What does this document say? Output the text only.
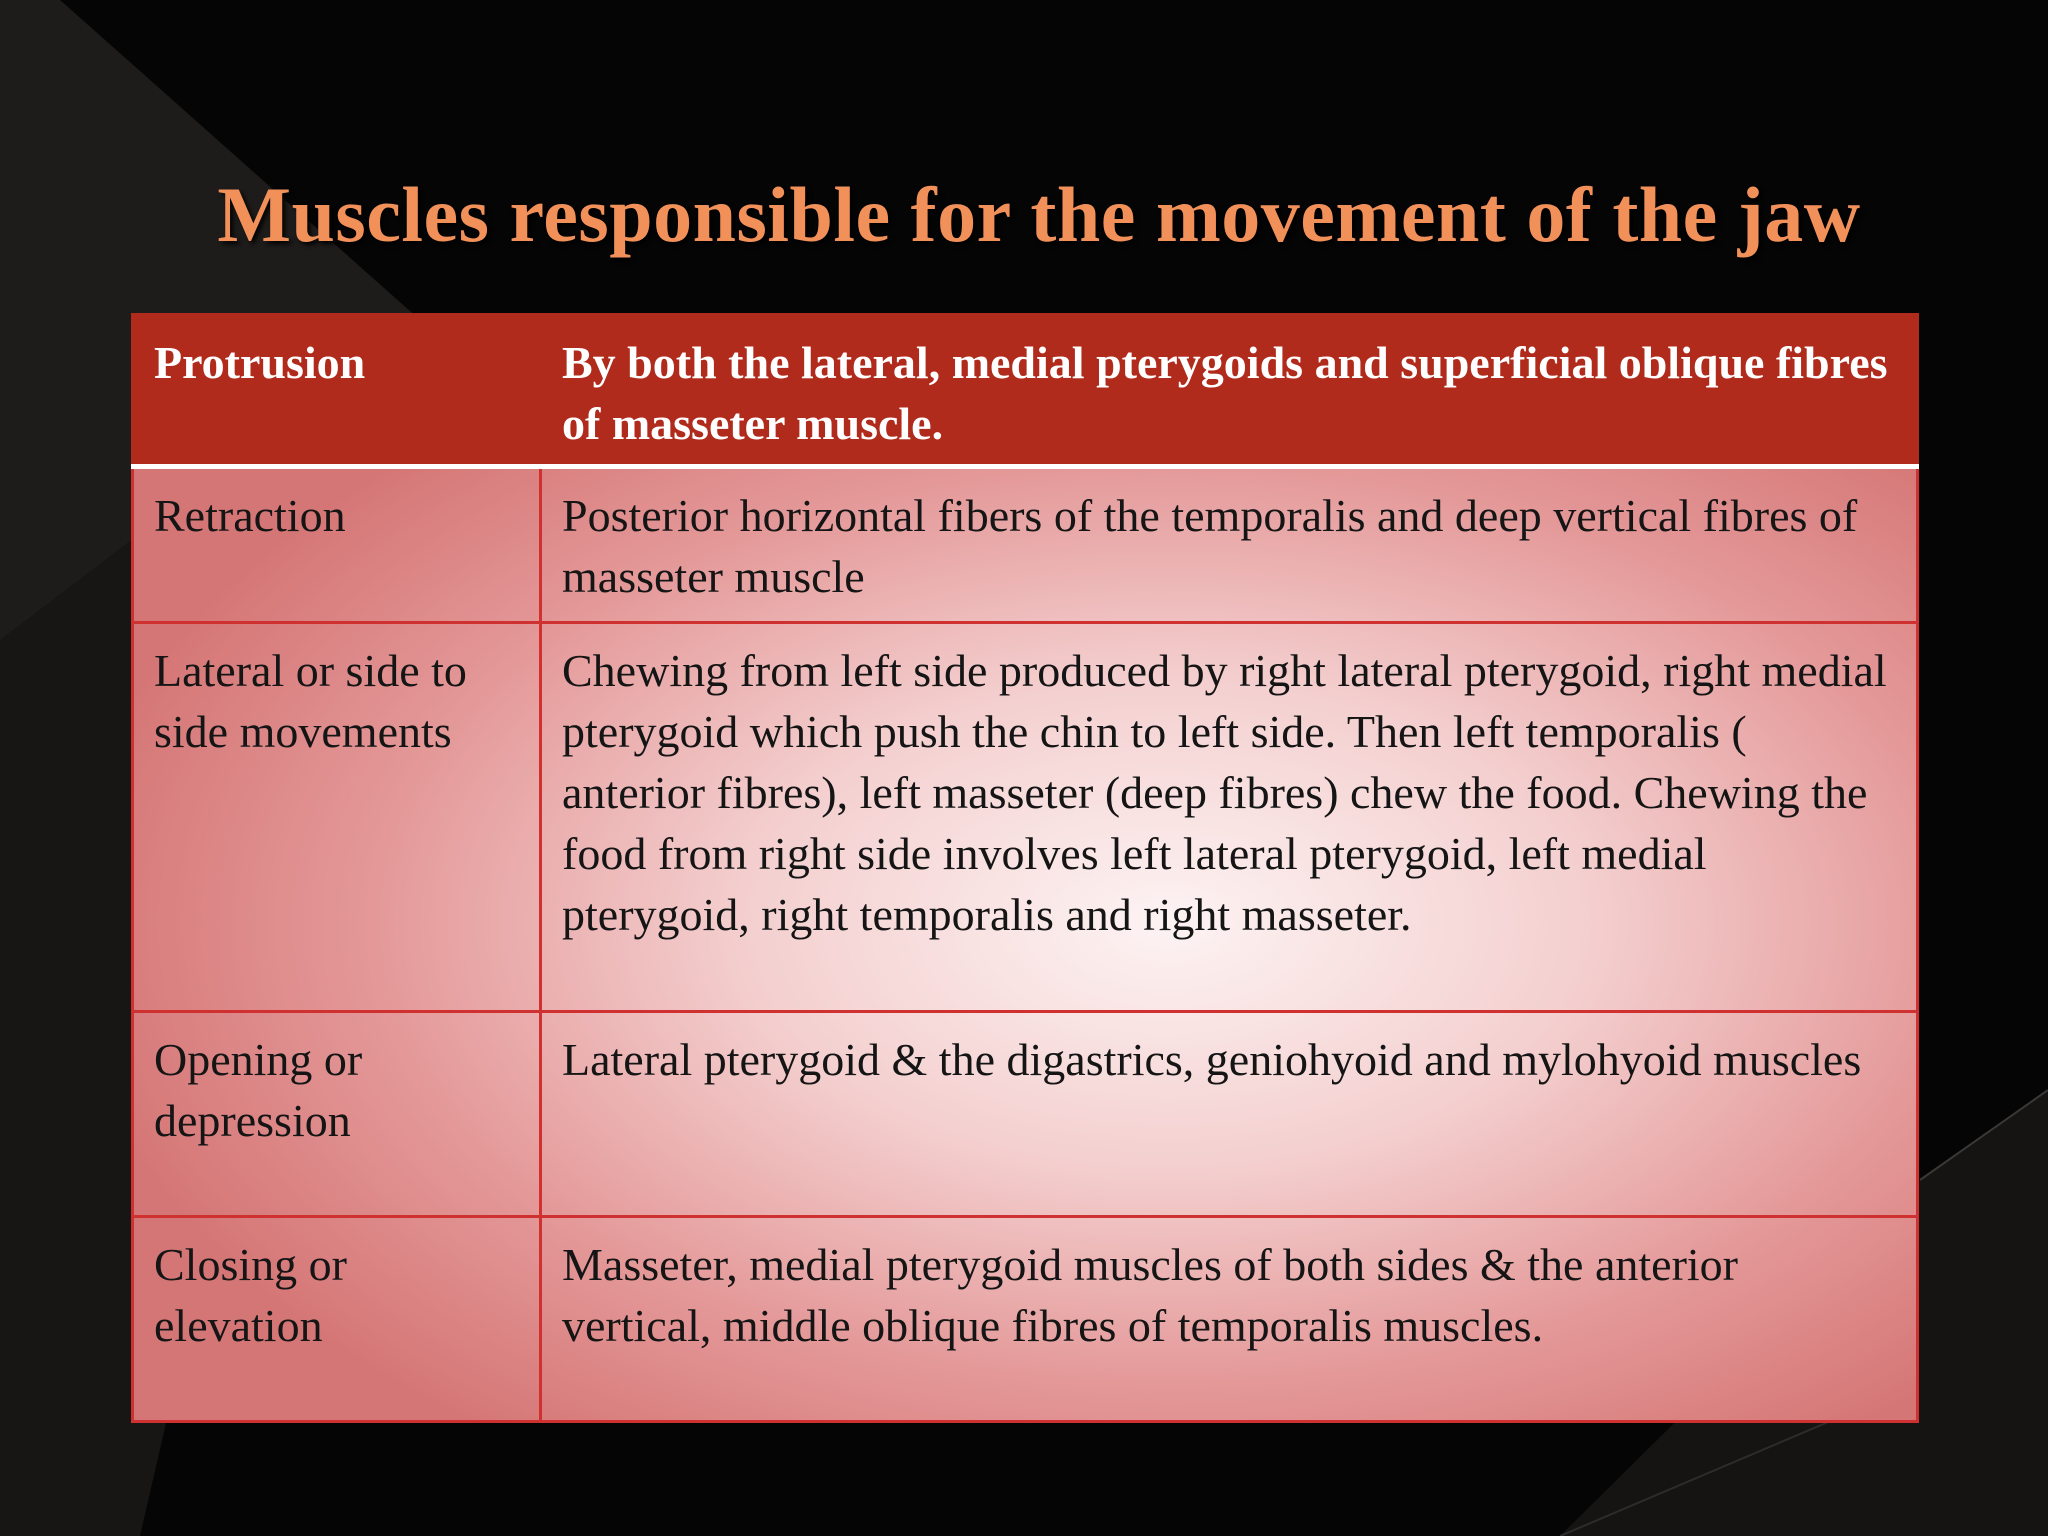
Muscles responsible for the movement of the jaw
Protrusion	By both the lateral, medial pterygoids and superficial oblique fibres of masseter muscle.
Retraction	Posterior horizontal fibers of the temporalis and deep vertical fibres of masseter muscle
Lateral or side to side movements	Chewing from left side produced by right lateral pterygoid, right medial pterygoid which push the chin to left side. Then left temporalis ( anterior fibres), left masseter (deep fibres) chew the food. Chewing the food from right side involves left lateral pterygoid, left medial pterygoid, right temporalis and right masseter.
Opening or depression	Lateral pterygoid & the digastrics, geniohyoid and mylohyoid muscles
Closing or elevation	Masseter, medial pterygoid muscles of both sides & the anterior vertical, middle oblique fibres of temporalis muscles.
